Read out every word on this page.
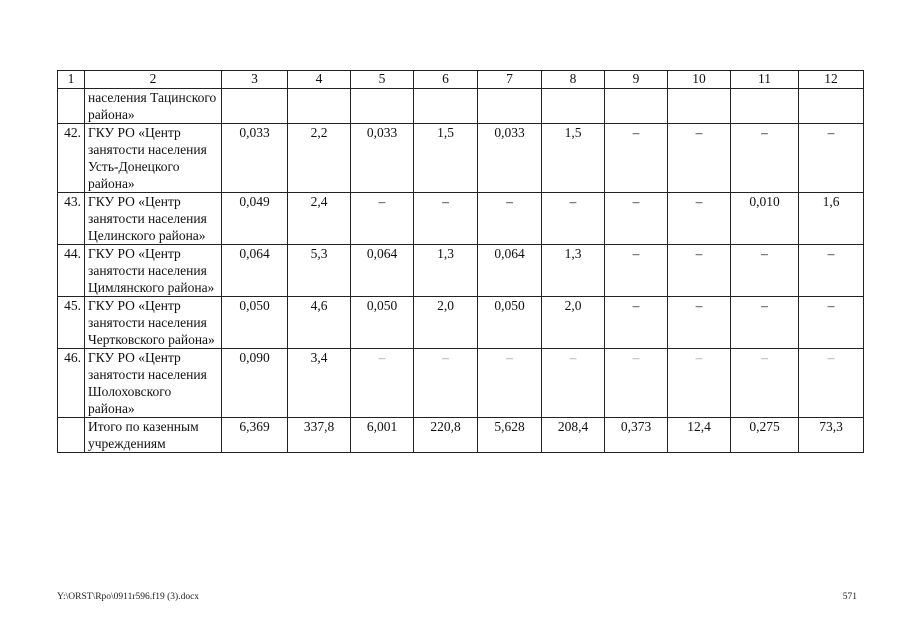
1	2	3	4	5	6	7	8	9	10	11	12
	населения Тацинского района»										
42.	ГКУ РО «Центр занятости населения Усть-Донецкого района»	0,033	2,2	0,033	1,5	0,033	1,5	–	–	–	–
43.	ГКУ РО «Центр занятости населения Целинского района»	0,049	2,4	–	–	–	–	–	–	0,010	1,6
44.	ГКУ РО «Центр занятости населения Цимлянского района»	0,064	5,3	0,064	1,3	0,064	1,3	–	–	–	–
45.	ГКУ РО «Центр занятости населения Чертковского района»	0,050	4,6	0,050	2,0	0,050	2,0	–	–	–	–
46.	ГКУ РО «Центр занятости населения Шолоховского района»	0,090	3,4	–	–	–	–	–	–	–	–
	Итого по казенным учреждениям	6,369	337,8	6,001	220,8	5,628	208,4	0,373	12,4	0,275	73,3
Y:\ORST\Rpo\0911r596.f19 (3).docx	571
